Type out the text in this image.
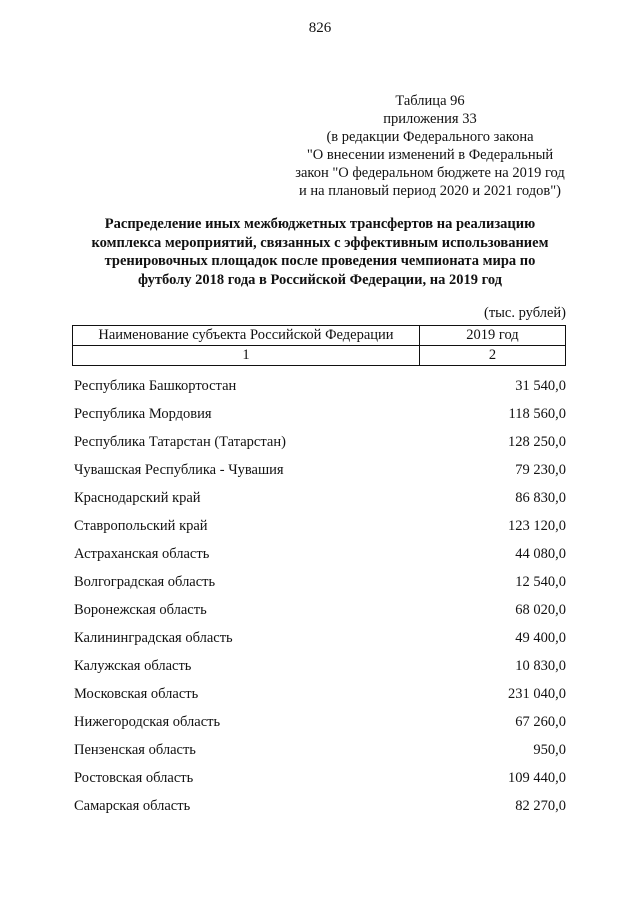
826
Таблица 96
приложения 33
(в редакции Федерального закона
"О внесении изменений в Федеральный
закон "О федеральном бюджете на 2019 год
и на плановый период 2020 и 2021 годов")
Распределение иных межбюджетных трансфертов на реализацию
комплекса мероприятий, связанных с эффективным использованием
тренировочных площадок после проведения чемпионата мира по
футболу 2018 года в Российской Федерации, на 2019 год
(тыс. рублей)
Наименование субъекта Российской Федерации	2019 год
1	2
Республика Башкортостан	31 540,0
Республика Мордовия	118 560,0
Республика Татарстан (Татарстан)	128 250,0
Чувашская Республика - Чувашия	79 230,0
Краснодарский край	86 830,0
Ставропольский край	123 120,0
Астраханская область	44 080,0
Волгоградская область	12 540,0
Воронежская область	68 020,0
Калининградская область	49 400,0
Калужская область	10 830,0
Московская область	231 040,0
Нижегородская область	67 260,0
Пензенская область	950,0
Ростовская область	109 440,0
Самарская область	82 270,0
